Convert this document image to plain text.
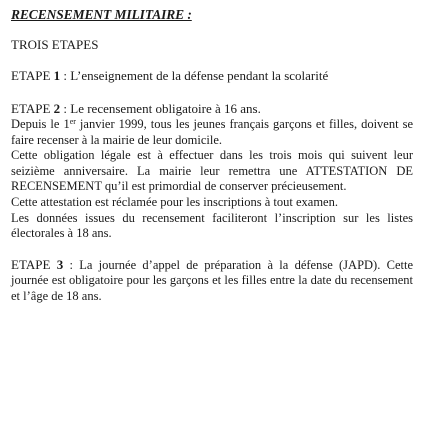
RECENSEMENT MILITAIRE :
TROIS ETAPES
ETAPE 1 : L’enseignement de la défense pendant la scolarité
ETAPE 2 : Le recensement obligatoire à 16 ans.

Depuis le 1er janvier 1999, tous les jeunes français garçons et filles, doivent se faire recenser à la mairie de leur domicile.

Cette obligation légale est à effectuer dans les trois mois qui suivent leur seizième anniversaire. La mairie leur remettra une ATTESTATION DE RECENSEMENT qu’il est primordial de conserver précieusement.

Cette attestation est réclamée pour les inscriptions à tout examen.

Les données issues du recensement faciliteront l’inscription sur les listes électorales à 18 ans.

ETAPE 3 : La journée d’appel de préparation à la défense (JAPD). Cette journée est obligatoire pour les garçons et les filles entre la date du recensement et l’âge de 18 ans.
